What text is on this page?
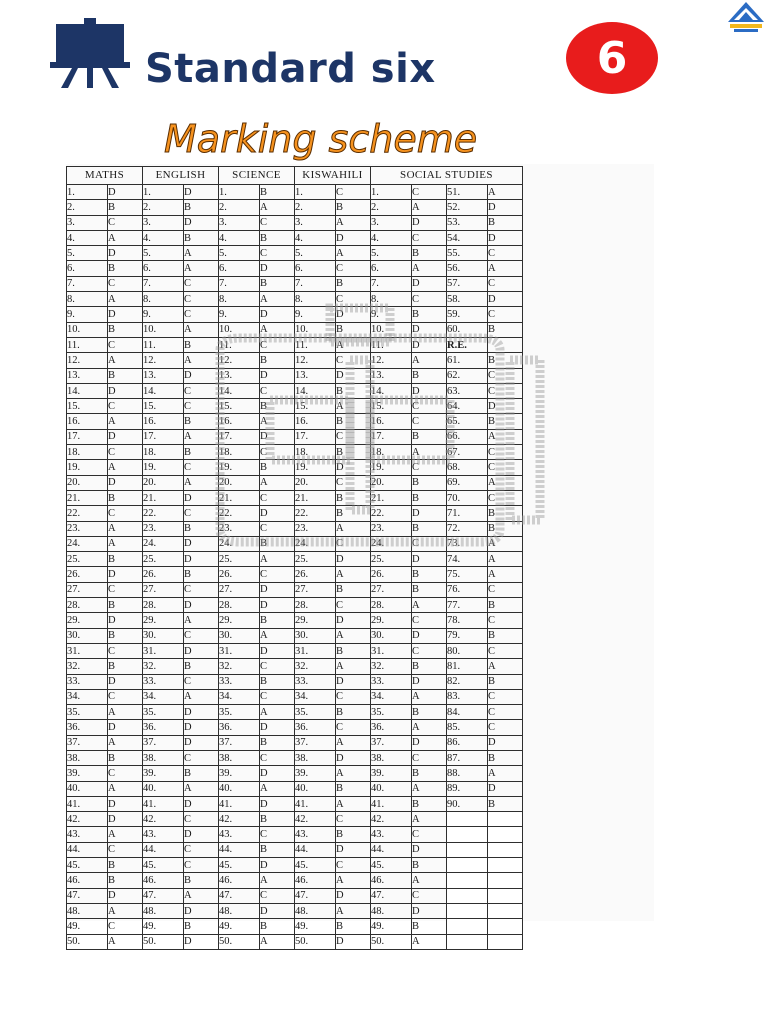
Standard six	6
Marking scheme
MATHS		ENGLISH		SCIENCE		KISWAHILI		SOCIAL STUDIES			
1.	D	1.	D	1.	B	1.	C	1.	C	51.	A
2.	B	2.	B	2.	A	2.	B	2.	A	52.	D
3.	C	3.	D	3.	C	3.	A	3.	D	53.	B
4.	A	4.	B	4.	B	4.	D	4.	C	54.	D
5.	D	5.	A	5.	C	5.	A	5.	B	55.	C
6.	B	6.	A	6.	D	6.	C	6.	A	56.	A
7.	C	7.	C	7.	B	7.	B	7.	D	57.	C
8.	A	8.	C	8.	A	8.	C	8.	C	58.	D
9.	D	9.	C	9.	D	9.	D	9.	B	59.	C
10.	B	10.	A	10.	A	10.	B	10.	D	60.	B
11.	C	11.	B	11.	C	11.	A	11.	D	R.E.	
12.	A	12.	A	12.	B	12.	C	12.	A	61.	B
13.	B	13.	D	13.	D	13.	D	13.	B	62.	C
14.	D	14.	C	14.	C	14.	B	14.	D	63.	C
15.	C	15.	C	15.	B	15.	A	15.	C	64.	D
16.	A	16.	B	16.	A	16.	B	16.	C	65.	B
17.	D	17.	A	17.	D	17.	C	17.	B	66.	A
18.	C	18.	B	18.	C	18.	B	18.	A	67.	C
19.	A	19.	C	19.	B	19.	D	19.	C	68.	C
20.	D	20.	A	20.	A	20.	C	20.	B	69.	A
21.	B	21.	D	21.	C	21.	B	21.	B	70.	C
22.	C	22.	C	22.	D	22.	B	22.	D	71.	B
23.	A	23.	B	23.	C	23.	A	23.	B	72.	B
24.	A	24.	D	24.	B	24.	C	24.	C	73.	A
25.	B	25.	D	25.	A	25.	D	25.	D	74.	A
26.	D	26.	B	26.	C	26.	A	26.	B	75.	A
27.	C	27.	C	27.	D	27.	B	27.	B	76.	C
28.	B	28.	D	28.	D	28.	C	28.	A	77.	B
29.	D	29.	A	29.	B	29.	D	29.	C	78.	C
30.	B	30.	C	30.	A	30.	A	30.	D	79.	B
31.	C	31.	D	31.	D	31.	B	31.	C	80.	C
32.	B	32.	B	32.	C	32.	A	32.	B	81.	A
33.	D	33.	C	33.	B	33.	D	33.	D	82.	B
34.	C	34.	A	34.	C	34.	C	34.	A	83.	C
35.	A	35.	D	35.	A	35.	B	35.	B	84.	C
36.	D	36.	D	36.	D	36.	C	36.	A	85.	C
37.	A	37.	D	37.	B	37.	A	37.	D	86.	D
38.	B	38.	C	38.	C	38.	D	38.	C	87.	B
39.	C	39.	B	39.	D	39.	A	39.	B	88.	A
40.	A	40.	A	40.	A	40.	B	40.	A	89.	D
41.	D	41.	D	41.	D	41.	A	41.	B	90.	B
42.	D	42.	C	42.	B	42.	C	42.	A		
43.	A	43.	D	43.	C	43.	B	43.	C		
44.	C	44.	C	44.	B	44.	D	44.	D		
45.	B	45.	C	45.	D	45.	C	45.	B		
46.	B	46.	B	46.	A	46.	A	46.	A		
47.	D	47.	A	47.	C	47.	D	47.	C		
48.	A	48.	D	48.	D	48.	A	48.	D		
49.	C	49.	B	49.	B	49.	B	49.	B		
50.	A	50.	D	50.	A	50.	D	50.	A		
